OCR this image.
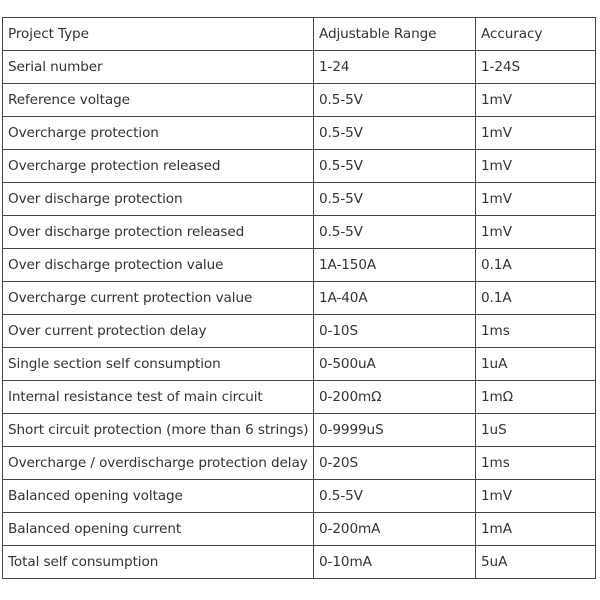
Project Type	Adjustable Range	Accuracy
Serial number	1-24	1-24S
Reference voltage	0.5-5V	1mV
Overcharge protection	0.5-5V	1mV
Overcharge protection released	0.5-5V	1mV
Over discharge protection	0.5-5V	1mV
Over discharge protection released	0.5-5V	1mV
Over discharge protection value	1A-150A	0.1A
Overcharge current protection value	1A-40A	0.1A
Over current protection delay	0-10S	1ms
Single section self consumption	0-500uA	1uA
Internal resistance test of main circuit	0-200mΩ	1mΩ
Short circuit protection (more than 6 strings)	0-9999uS	1uS
Overcharge / overdischarge protection delay	0-20S	1ms
Balanced opening voltage	0.5-5V	1mV
Balanced opening current	0-200mA	1mA
Total self consumption	0-10mA	5uA
